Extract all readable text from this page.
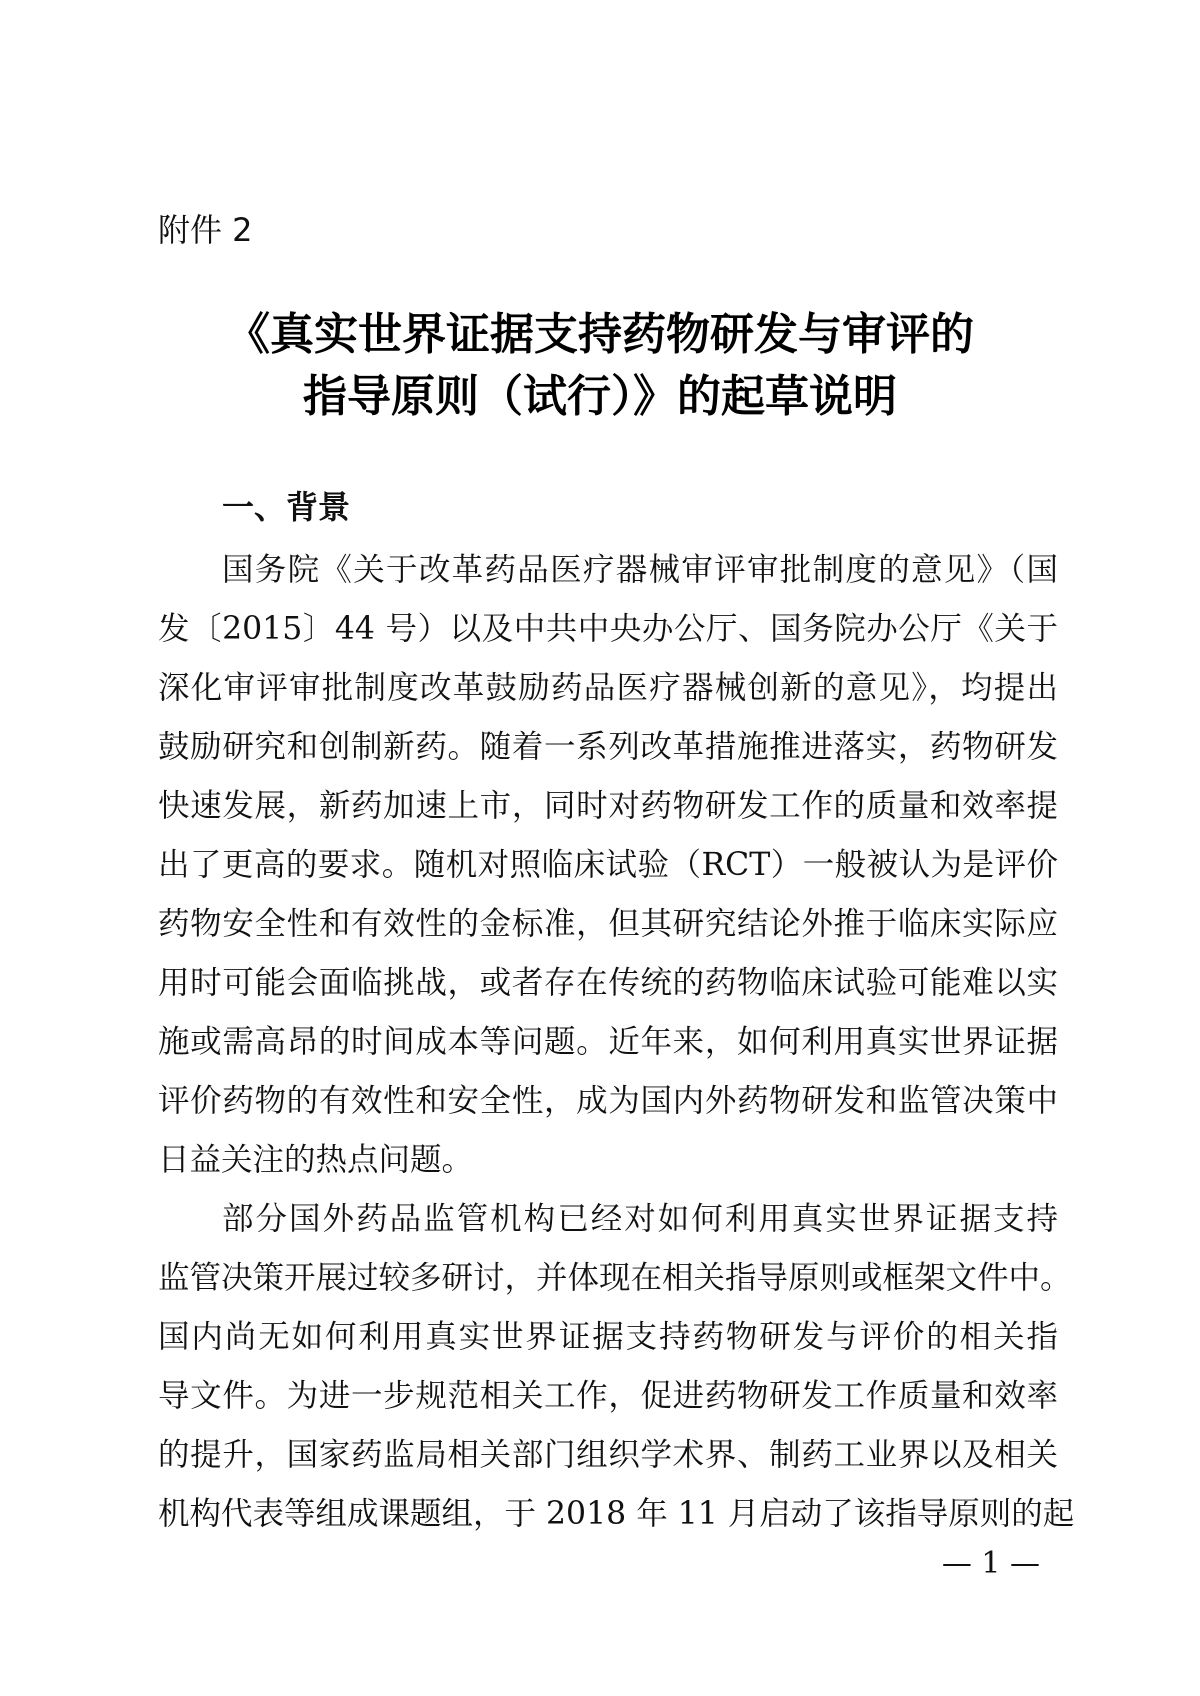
附件 2
《真实世界证据支持药物研发与审评的
指导原则（试行）》的起草说明
一、背景
国务院《关于改革药品医疗器械审评审批制度的意见》（国
发〔2015〕44 号）以及中共中央办公厅、国务院办公厅《关于
深化审评审批制度改革鼓励药品医疗器械创新的意见》，均提出
鼓励研究和创制新药。随着一系列改革措施推进落实，药物研发
快速发展，新药加速上市，同时对药物研发工作的质量和效率提
出了更高的要求。随机对照临床试验（RCT）一般被认为是评价
药物安全性和有效性的金标准，但其研究结论外推于临床实际应
用时可能会面临挑战，或者存在传统的药物临床试验可能难以实
施或需高昂的时间成本等问题。近年来，如何利用真实世界证据
评价药物的有效性和安全性，成为国内外药物研发和监管决策中
日益关注的热点问题。
部分国外药品监管机构已经对如何利用真实世界证据支持
监管决策开展过较多研讨，并体现在相关指导原则或框架文件中。
国内尚无如何利用真实世界证据支持药物研发与评价的相关指
导文件。为进一步规范相关工作，促进药物研发工作质量和效率
的提升，国家药监局相关部门组织学术界、制药工业界以及相关
机构代表等组成课题组，于 2018 年 11 月启动了该指导原则的起
— 1 —
